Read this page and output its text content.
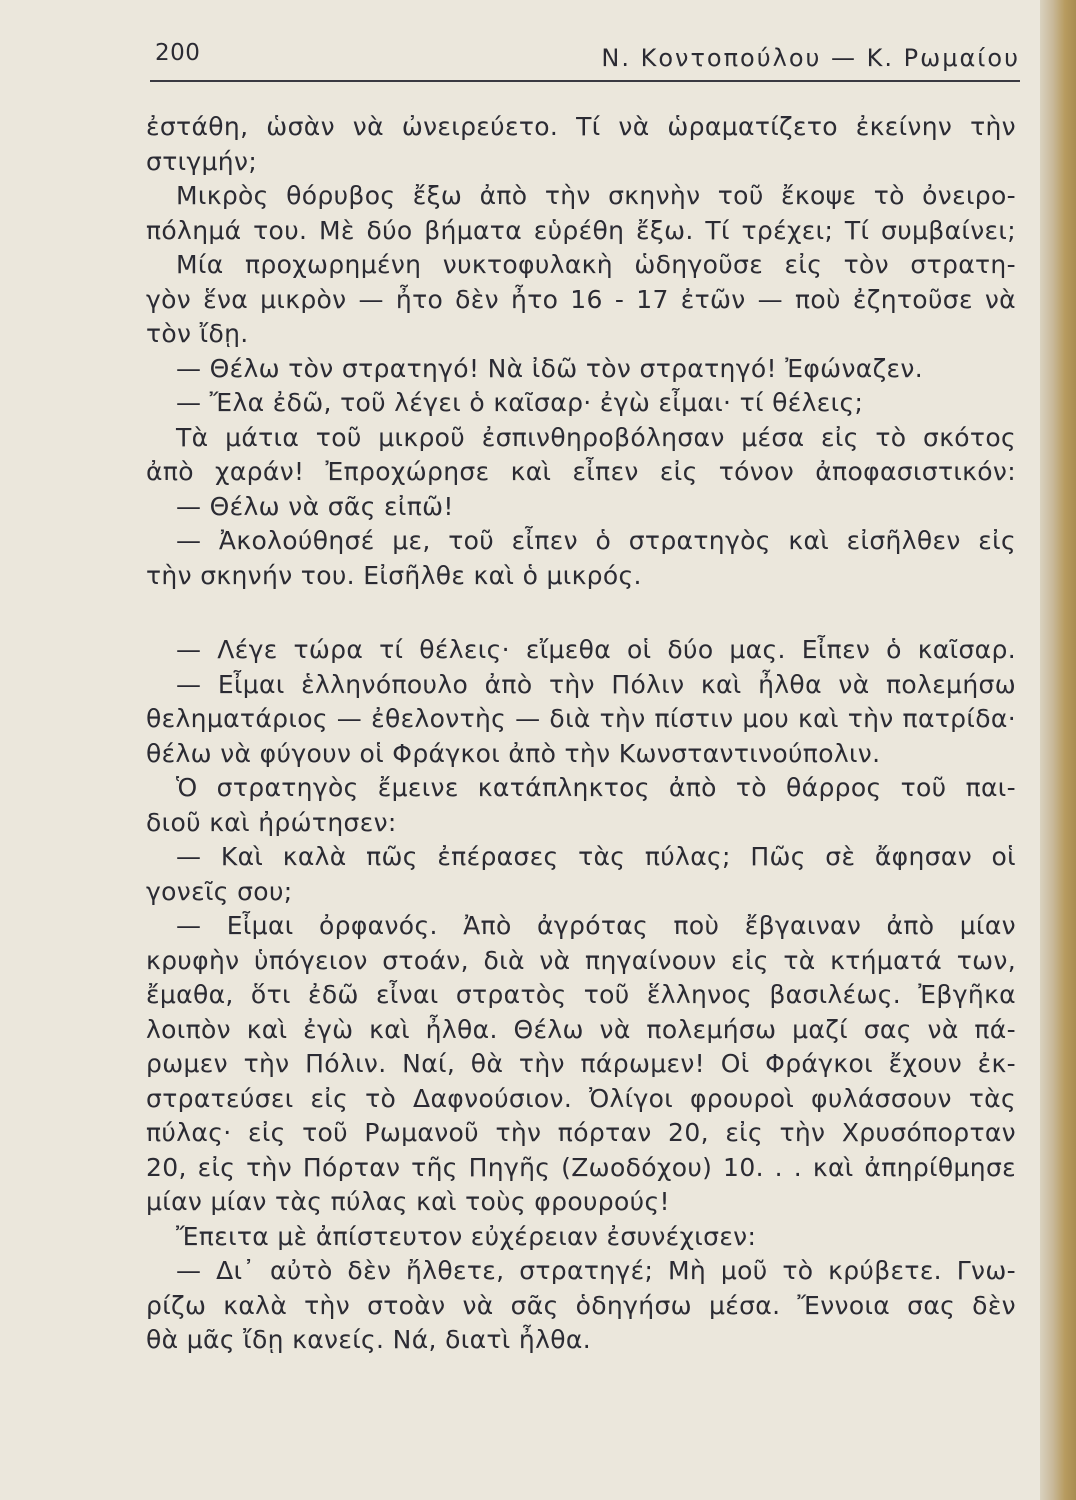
200	Ν. Κοντοπούλου — Κ. Ρωμαίου
ἐστάθη, ὡσὰν νὰ ὠνειρεύετο. Τί νὰ ὡραματίζετο ἐκείνην τὴν
στιγμήν;
Μικρὸς θόρυβος ἔξω ἀπὸ τὴν σκηνὴν τοῦ ἔκοψε τὸ ὀνειρο-
πόλημά του. Μὲ δύο βήματα εὑρέθη ἔξω. Τί τρέχει; Τί συμβαίνει;
Μία προχωρημένη νυκτοφυλακὴ ὡδηγοῦσε εἰς τὸν στρατη-
γὸν ἕνα μικρὸν — ἦτο δὲν ἦτο 16 - 17 ἐτῶν — ποὺ ἐζητοῦσε νὰ
τὸν ἴδῃ.
— Θέλω τὸν στρατηγό! Νὰ ἰδῶ τὸν στρατηγό! Ἐφώναζεν.
— Ἔλα ἐδῶ, τοῦ λέγει ὁ καῖσαρ· ἐγὼ εἶμαι· τί θέλεις;
Τὰ μάτια τοῦ μικροῦ ἐσπινθηροβόλησαν μέσα εἰς τὸ σκότος
ἀπὸ χαράν! Ἐπροχώρησε καὶ εἶπεν εἰς τόνον ἀποφασιστικόν:
— Θέλω νὰ σᾶς εἰπῶ!
— Ἀκολούθησέ με, τοῦ εἶπεν ὁ στρατηγὸς καὶ εἰσῆλθεν εἰς
τὴν σκηνήν του. Εἰσῆλθε καὶ ὁ μικρός.
— Λέγε τώρα τί θέλεις· εἴμεθα οἱ δύο μας. Εἶπεν ὁ καῖσαρ.
— Εἶμαι ἑλληνόπουλο ἀπὸ τὴν Πόλιν καὶ ἦλθα νὰ πολεμήσω
θεληματάριος — ἐθελοντὴς — διὰ τὴν πίστιν μου καὶ τὴν πατρίδα·
θέλω νὰ φύγουν οἱ Φράγκοι ἀπὸ τὴν Κωνσταντινούπολιν.
Ὁ στρατηγὸς ἔμεινε κατάπληκτος ἀπὸ τὸ θάρρος τοῦ παι-
διοῦ καὶ ἠρώτησεν:
— Καὶ καλὰ πῶς ἐπέρασες τὰς πύλας; Πῶς σὲ ἄφησαν οἱ
γονεῖς σου;
— Εἶμαι ὀρφανός. Ἀπὸ ἀγρότας ποὺ ἔβγαιναν ἀπὸ μίαν
κρυφὴν ὑπόγειον στοάν, διὰ νὰ πηγαίνουν εἰς τὰ κτήματά των,
ἔμαθα, ὅτι ἐδῶ εἶναι στρατὸς τοῦ ἕλληνος βασιλέως. Ἐβγῆκα
λοιπὸν καὶ ἐγὼ καὶ ἦλθα. Θέλω νὰ πολεμήσω μαζί σας νὰ πά-
ρωμεν τὴν Πόλιν. Ναί, θὰ τὴν πάρωμεν! Οἱ Φράγκοι ἔχουν ἐκ-
στρατεύσει εἰς τὸ Δαφνούσιον. Ὀλίγοι φρουροὶ φυλάσσουν τὰς
πύλας· εἰς τοῦ Ρωμανοῦ τὴν πόρταν 20, εἰς τὴν Χρυσόπορταν
20, εἰς τὴν Πόρταν τῆς Πηγῆς (Ζωοδόχου) 10. . . καὶ ἀπηρίθμησε
μίαν μίαν τὰς πύλας καὶ τοὺς φρουρούς!
Ἔπειτα μὲ ἀπίστευτον εὐχέρειαν ἐσυνέχισεν:
— Δι᾽ αὐτὸ δὲν ἤλθετε, στρατηγέ; Μὴ μοῦ τὸ κρύβετε. Γνω-
ρίζω καλὰ τὴν στοὰν νὰ σᾶς ὁδηγήσω μέσα. Ἔννοια σας δὲν
θὰ μᾶς ἴδῃ κανείς. Νά, διατὶ ἦλθα.
